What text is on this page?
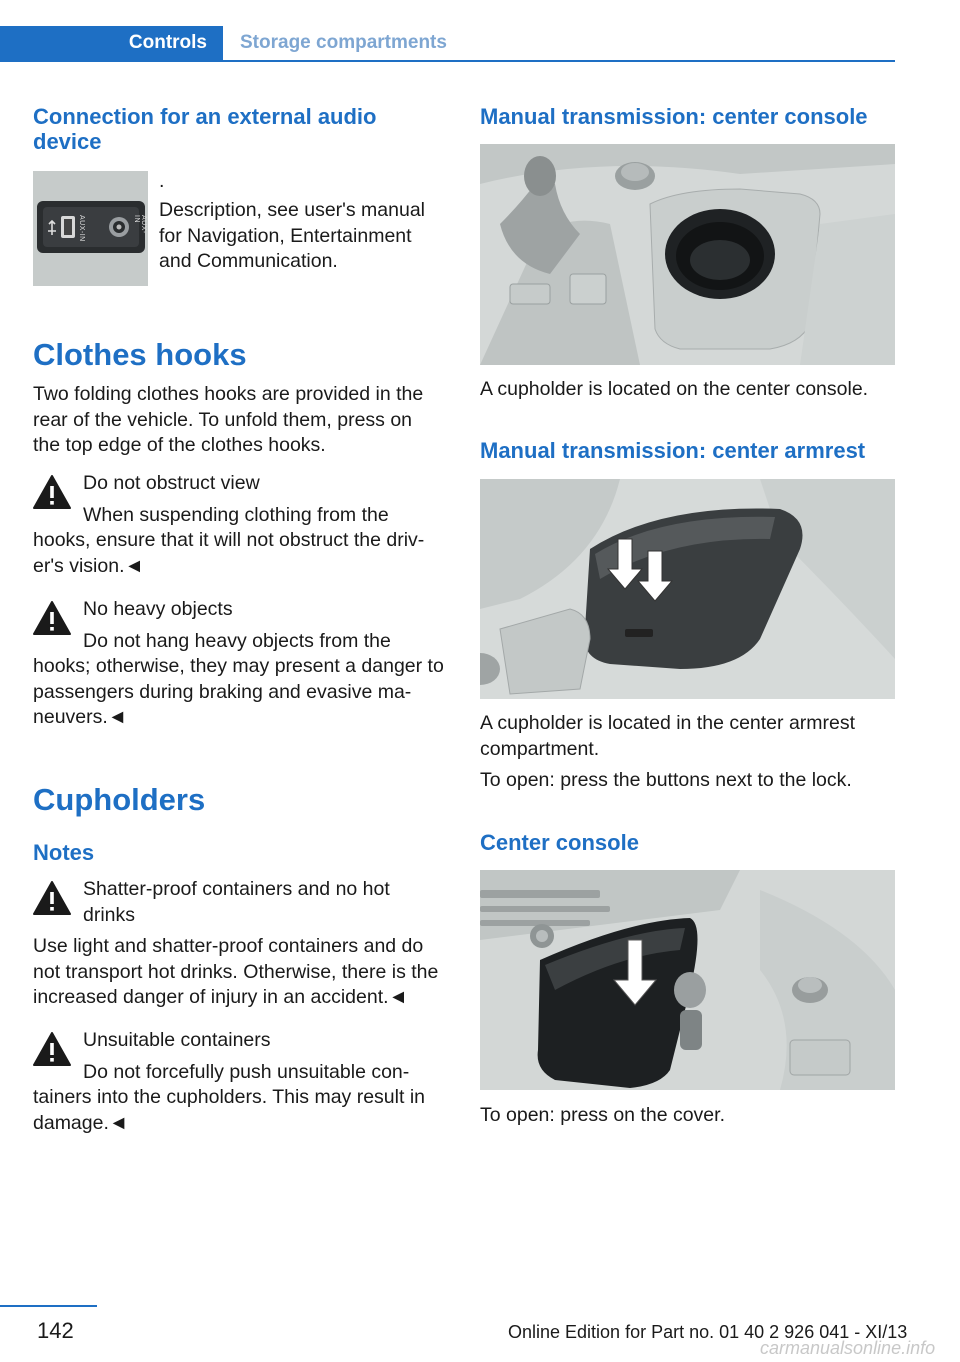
Controls	Storage compartments
Connection for an external audio device
AUX-IN	AUX-IN

.

Description, see user's manual for Navigation, Entertainment and Communication.

Clothes hooks

Two folding clothes hooks are provided in the rear of the vehicle. To unfold them, press on the top edge of the clothes hooks.

Do not obstruct view

When suspending clothing from the

hooks, ensure that it will not obstruct the driv-er's vision.◄

No heavy objects

Do not hang heavy objects from the

hooks; otherwise, they may present a danger to passengers during braking and evasive ma-neuvers.◄

Cupholders
Notes

Shatter-proof containers and no hot drinks

Use light and shatter-proof containers and do not transport hot drinks. Otherwise, there is the increased danger of injury in an accident.◄

Unsuitable containers

Do not forcefully push unsuitable con-

tainers into the cupholders. This may result in damage.◄

Manual transmission: center console

A cupholder is located on the center console.

Manual transmission: center armrest

A cupholder is located in the center armrest compartment.

To open: press the buttons next to the lock.

Center console

To open: press on the cover.

142	Online Edition for Part no. 01 40 2 926 041 - XI/13
carmanualsonline.info
